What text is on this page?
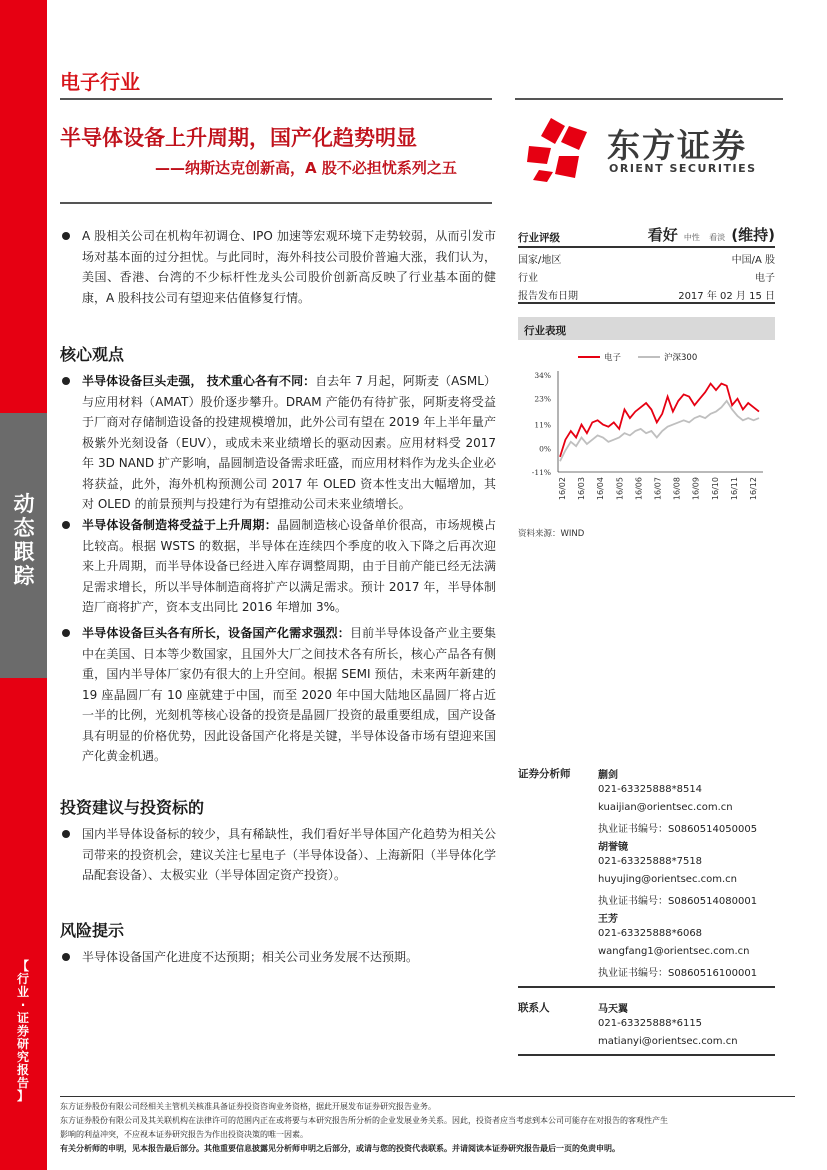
动
态
跟
踪
【
行
业
·
证
券
研
究
报
告
】
电子行业
半导体设备上升周期，国产化趋势明显
——纳斯达克创新高，A 股不必担忧系列之五
东方证券
ORIENT SECURITIES
A 股相关公司在机构年初调仓、IPO 加速等宏观环境下走势较弱，从而引发市场对基本面的过分担忧。与此同时，海外科技公司股价普遍大涨，我们认为，美国、香港、台湾的不少标杆性龙头公司股价创新高反映了行业基本面的健康，A 股科技公司有望迎来估值修复行情。
核心观点
半导体设备巨头走强， 技术重心各有不同：自去年 7 月起，阿斯麦（ASML）与应用材料（AMAT）股价逐步攀升。DRAM 产能仍有待扩张，阿斯麦将受益于厂商对存储制造设备的投建规模增加，此外公司有望在 2019 年上半年量产极紫外光刻设备（EUV），或成未来业绩增长的驱动因素。应用材料受 2017 年 3D NAND 扩产影响，晶圆制造设备需求旺盛，而应用材料作为龙头企业必将获益，此外，海外机构预测公司 2017 年 OLED 资本性支出大幅增加，其对 OLED 的前景预判与投建行为有望推动公司未来业绩增长。
半导体设备制造将受益于上升周期：晶圆制造核心设备单价很高，市场规模占比较高。根据 WSTS 的数据，半导体在连续四个季度的收入下降之后再次迎来上升周期，而半导体设备已经进入库存调整周期，由于目前产能已经无法满足需求增长，所以半导体制造商将扩产以满足需求。预计 2017 年，半导体制造厂商将扩产，资本支出同比 2016 年增加 3%。
半导体设备巨头各有所长，设备国产化需求强烈：目前半导体设备产业主要集中在美国、日本等少数国家，且国外大厂之间技术各有所长，核心产品各有侧重，国内半导体厂家仍有很大的上升空间。根据 SEMI 预估，未来两年新建的 19 座晶圆厂有 10 座就建于中国，而至 2020 年中国大陆地区晶圆厂将占近一半的比例，光刻机等核心设备的投资是晶圆厂投资的最重要组成，国产设备具有明显的价格优势，因此设备国产化将是关键，半导体设备市场有望迎来国产化黄金机遇。
投资建议与投资标的
国内半导体设备标的较少，具有稀缺性，我们看好半导体国产化趋势为相关公司带来的投资机会，建议关注七星电子（半导体设备）、上海新阳（半导体化学品配套设备）、太极实业（半导体固定资产投资）。
风险提示
半导体设备国产化进度不达预期；相关公司业务发展不达预期。
行业评级	看好 中性 看淡 (维持)
国家/地区	中国/A 股
行业	电子
报告发布日期	2017 年 02 月 15 日
行业表现
电子	沪深300
34%
23%
11%
0%
-11%
16/02 16/03 16/04 16/05 16/06 16/07 16/08 16/09 16/10 16/11 16/12
资料来源：WIND
证券分析师	蒯剑
021-63325888*8514
kuaijian@orientsec.com.cn
执业证书编号：S0860514050005
胡誉镜
021-63325888*7518
huyujing@orientsec.com.cn
执业证书编号：S0860514080001
王芳
021-63325888*6068
wangfang1@orientsec.com.cn
执业证书编号：S0860516100001
联系人	马天翼
021-63325888*6115
matianyi@orientsec.com.cn
东方证券股份有限公司经相关主管机关核准具备证券投资咨询业务资格，据此开展发布证券研究报告业务。
东方证券股份有限公司及其关联机构在法律许可的范围内正在或将要与本研究报告所分析的企业发展业务关系。因此，投资者应当考虑到本公司可能存在对报告的客观性产生
影响的利益冲突，不应视本证券研究报告为作出投资决策的唯一因素。
有关分析师的申明，见本报告最后部分。其他重要信息披露见分析师申明之后部分，或请与您的投资代表联系。并请阅读本证券研究报告最后一页的免责申明。
